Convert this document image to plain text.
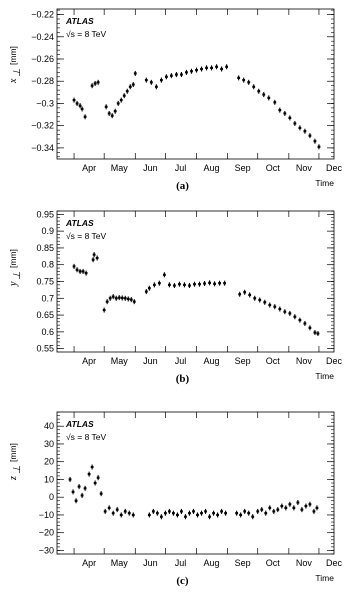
−0.22
−0.24
−0.26
−0.28
−0.3
−0.32
−0.34
Apr May Jun Jul Aug Sep Oct Nov Dec
Time
x
⊥
[mm]
ATLAS
√s = 8 TeV
(a)
0.55
0.6
0.65
0.7
0.75
0.8
0.85
0.9
0.95
Apr May Jun Jul Aug Sep Oct Nov Dec
Time
y
⊥
[mm]
ATLAS
√s = 8 TeV
(b)
−30
−20
−10
0
10
20
30
40
Apr May Jun Jul Aug Sep Oct Nov Dec
Time
z
⊥
[mm]
ATLAS
√s = 8 TeV
(c)
